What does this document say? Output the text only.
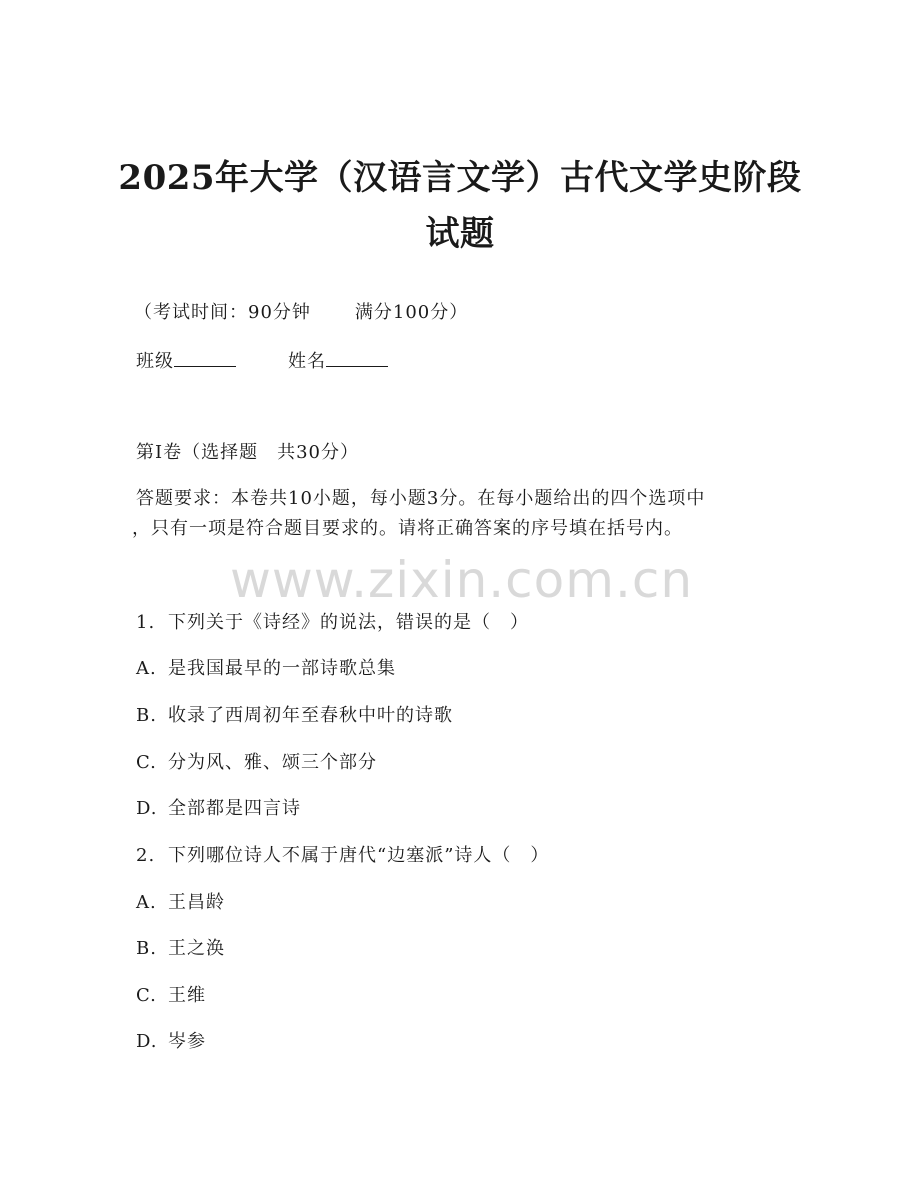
2025年大学（汉语言文学）古代文学史阶段
试题
（考试时间：90分钟 满分100分）
班级	姓名
第I卷（选择题　共30分）
答题要求：本卷共10小题，每小题3分。在每小题给出的四个选项中
，只有一项是符合题目要求的。请将正确答案的序号填在括号内。
www.zixin.com.cn
1. 下列关于《诗经》的说法，错误的是（　）
A. 是我国最早的一部诗歌总集
B. 收录了西周初年至春秋中叶的诗歌
C. 分为风、雅、颂三个部分
D. 全部都是四言诗
2. 下列哪位诗人不属于唐代“边塞派”诗人（　）
A. 王昌龄
B. 王之涣
C. 王维
D. 岑参
